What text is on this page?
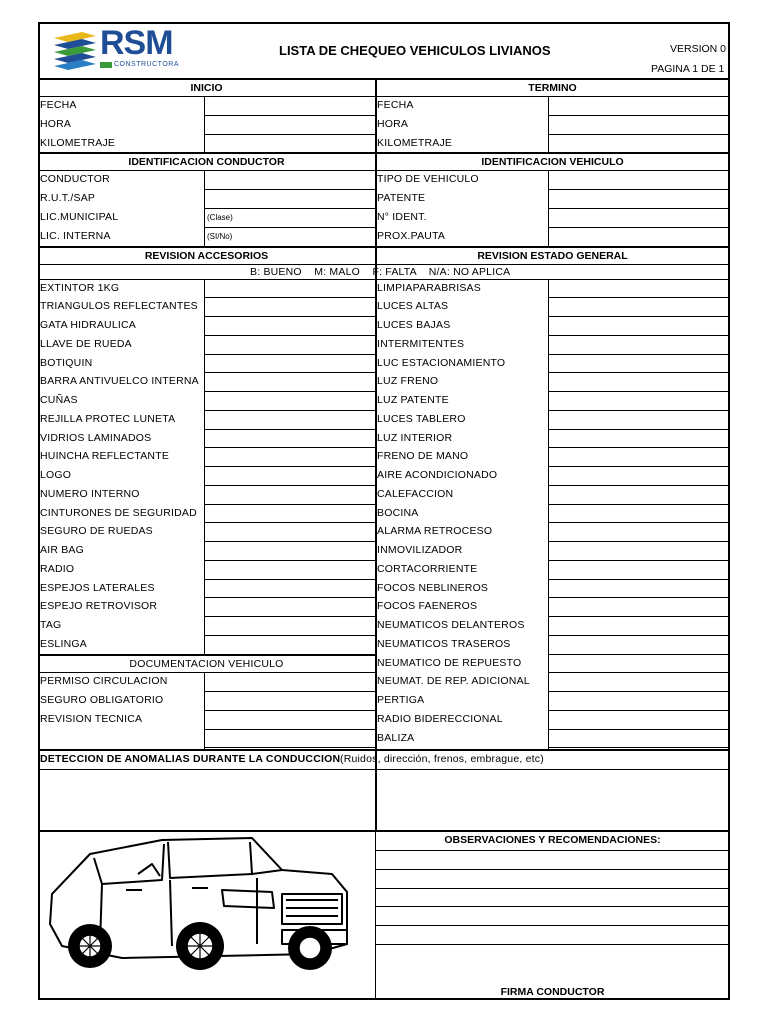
RSM
CONSTRUCTORA
LISTA DE CHEQUEO VEHICULOS LIVIANOS	VERSION 0
PAGINA 1 DE 1
INICIO	TERMINO
FECHA	FECHA
HORA	HORA
KILOMETRAJE	KILOMETRAJE
IDENTIFICACION CONDUCTOR	IDENTIFICACION VEHICULO
CONDUCTOR	TIPO DE VEHICULO
R.U.T./SAP	PATENTE
LIC.MUNICIPAL	N° IDENT.
(Clase)
LIC. INTERNA	PROX.PAUTA
(SI/No)
REVISION ACCESORIOS	REVISION ESTADO GENERAL
B: BUENO    M: MALO    F: FALTA    N/A: NO APLICA
LIMPIAPARABRISAS
LUCES ALTAS
LUCES BAJAS
INTERMITENTES
LUC ESTACIONAMIENTO
LUZ FRENO
LUZ PATENTE
LUCES TABLERO
LUZ INTERIOR
FRENO DE MANO
AIRE ACONDICIONADO
CALEFACCION
BOCINA
ALARMA RETROCESO
INMOVILIZADOR
CORTACORRIENTE
FOCOS NEBLINEROS
FOCOS FAENEROS
NEUMATICOS DELANTEROS
NEUMATICOS TRASEROS
NEUMATICO DE REPUESTO
NEUMAT. DE REP. ADICIONAL
PERTIGA
RADIO BIDERECCIONAL
BALIZA
EXTINTOR 1KG
TRIANGULOS REFLECTANTES
GATA HIDRAULICA
LLAVE DE RUEDA
BOTIQUIN
BARRA ANTIVUELCO INTERNA
CUÑAS
REJILLA PROTEC LUNETA
VIDRIOS LAMINADOS
HUINCHA REFLECTANTE
LOGO
NUMERO INTERNO
CINTURONES DE SEGURIDAD
SEGURO DE RUEDAS
AIR BAG
RADIO
ESPEJOS LATERALES
ESPEJO RETROVISOR
TAG
ESLINGA
DOCUMENTACION VEHICULO
PERMISO CIRCULACION
SEGURO OBLIGATORIO
REVISION TECNICA
DETECCION DE ANOMALIAS DURANTE LA CONDUCCION (Ruidos, dirección, frenos, embrague, etc)
OBSERVACIONES Y RECOMENDACIONES:
FIRMA CONDUCTOR
